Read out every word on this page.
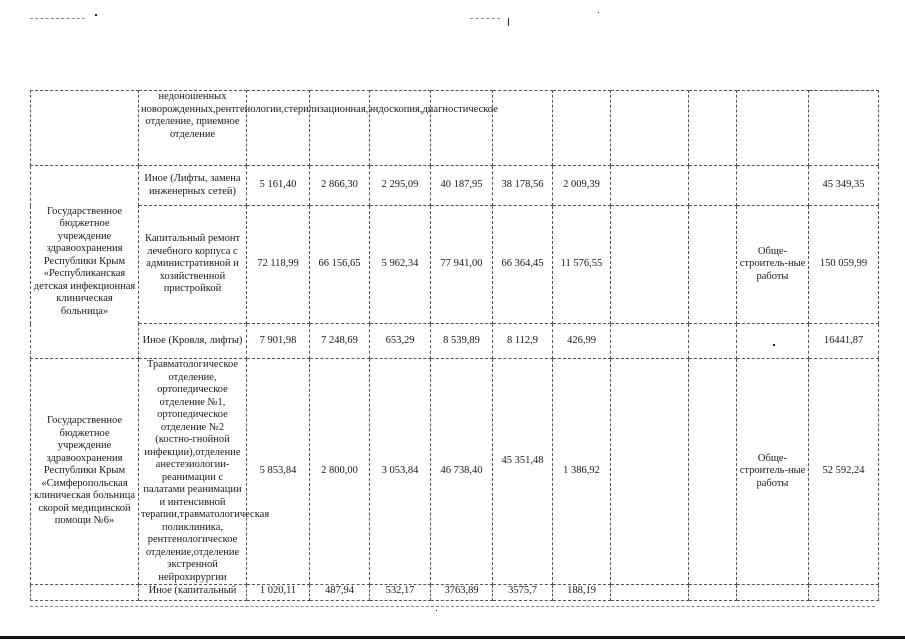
	недоношенных новорожденных,рентгенологии,стерилизационная,эндоскопия,диагностическое отделение, приемное отделение										
Государственное бюджетное учреждение здравоохранения Республики Крым «Республиканская детская инфекционная клиническая больница»	Иное (Лифты, замена инженерных сетей)	5 161,40	2 866,30	2 295,09	40 187,95	38 178,56	2 009,39				45 349,35
	Капитальный ремонт лечебного корпуса с административной и хозяйственной пристройкой	72 118,99	66 156,65	5 962,34	77 941,00	66 364,45	11 576,55			Обще-строитель-ные работы	150 059,99
	Иное (Кровля, лифты)	7 901,98	7 248,69	653,29	8 539,89	8 112,9	426,99				16441,87
Государственное бюджетное учреждение здравоохранения Республики Крым «Симферопольская клиническая больница скорой медицинской помощи №6»	Травматологическое отделение, ортопедическое отделение №1, ортопедическое отделение №2 (костно-гнойной инфекции),отделение анестезиологии-реанимации с палатами реанимации и интенсивной терапии,травматологическая поликлиника, рентгенологическое отделение,отделение экстренной нейрохирургии	5 853,84	2 800,00	3 053,84	46 738,40	45 351,48	1 386,92			Обще-строитель-ные работы	52 592,24
	Иное (капитальный	1 020,11	487,94	532,17	3763,89	3575,7	188,19				
